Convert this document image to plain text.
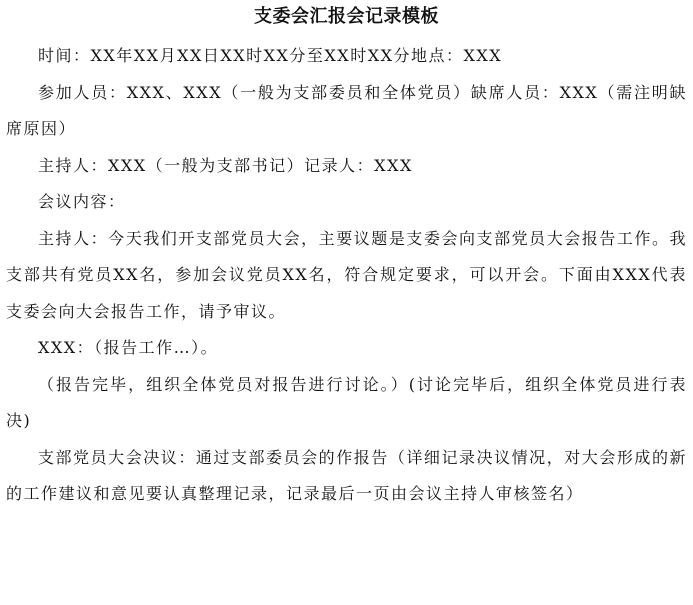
支委会汇报会记录模板

时间：XX年XX月XX日XX时XX分至XX时XX分地点：XXX

参加人员：XXX、XXX（一般为支部委员和全体党员）缺席人员：XXX（需注明缺席原因）

主持人：XXX（一般为支部书记）记录人：XXX

会议内容：

主持人：今天我们开支部党员大会，主要议题是支委会向支部党员大会报告工作。我支部共有党员XX名，参加会议党员XX名，符合规定要求，可以开会。下面由XXX代表支委会向大会报告工作，请予审议。

XXX：（报告工作…）。

（报告完毕，组织全体党员对报告进行讨论。）(讨论完毕后，组织全体党员进行表决)

支部党员大会决议：通过支部委员会的作报告（详细记录决议情况，对大会形成的新的工作建议和意见要认真整理记录，记录最后一页由会议主持人审核签名）
